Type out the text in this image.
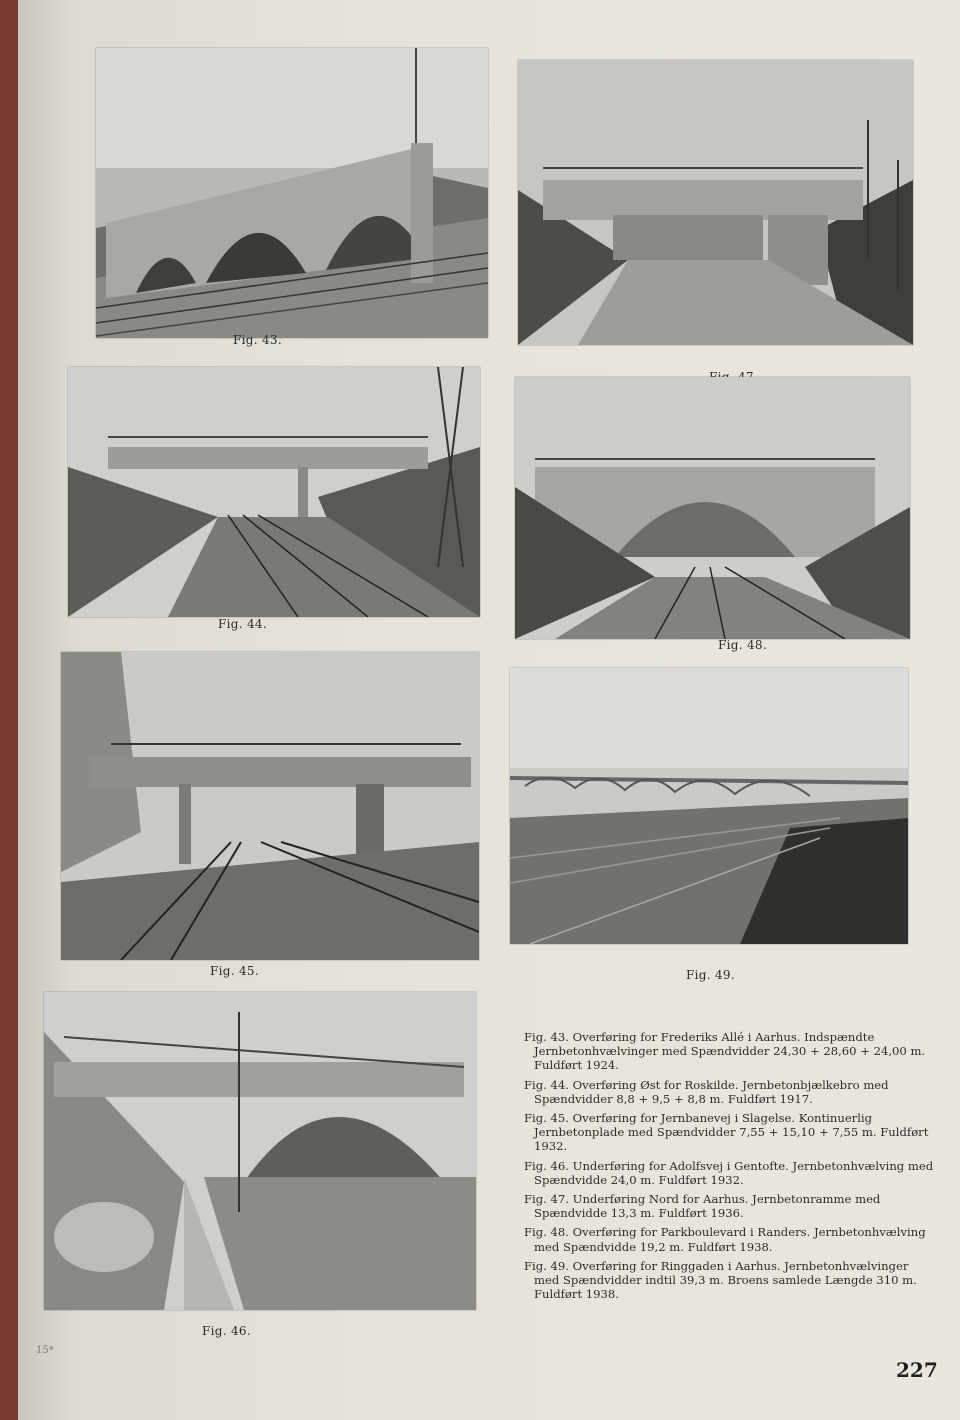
Fig. 43.
Fig. 44.
Fig. 48.
Fig. 45.	Fig. 49.
Fig. 46.

Fig. 43. Overføring for Frederiks Allé i Aarhus. Indspændte Jernbetonhvælvinger med Spændvidder 24,30 + 28,60 + 24,00 m. Fuldført 1924.

Fig. 44. Overføring Øst for Roskilde. Jernbetonbjælkebro med Spændvidder 8,8 + 9,5 + 8,8 m. Fuldført 1917.

Fig. 45. Overføring for Jernbanevej i Slagelse. Kontinuerlig Jernbetonplade med Spændvidder 7,55 + 15,10 + 7,55 m. Fuldført 1932.

Fig. 46. Underføring for Adolfsvej i Gentofte. Jernbetonhvælving med Spændvidde 24,0 m. Fuldført 1932.

Fig. 47. Underføring Nord for Aarhus. Jernbetonramme med Spændvidde 13,3 m. Fuldført 1936.

Fig. 48. Overføring for Parkboulevard i Randers. Jernbetonhvælving med Spændvidde 19,2 m. Fuldført 1938.

Fig. 49. Overføring for Ringgaden i Aarhus. Jernbetonhvælvinger med Spændvidder indtil 39,3 m. Broens samlede Længde 310 m. Fuldført 1938.

15*
227
